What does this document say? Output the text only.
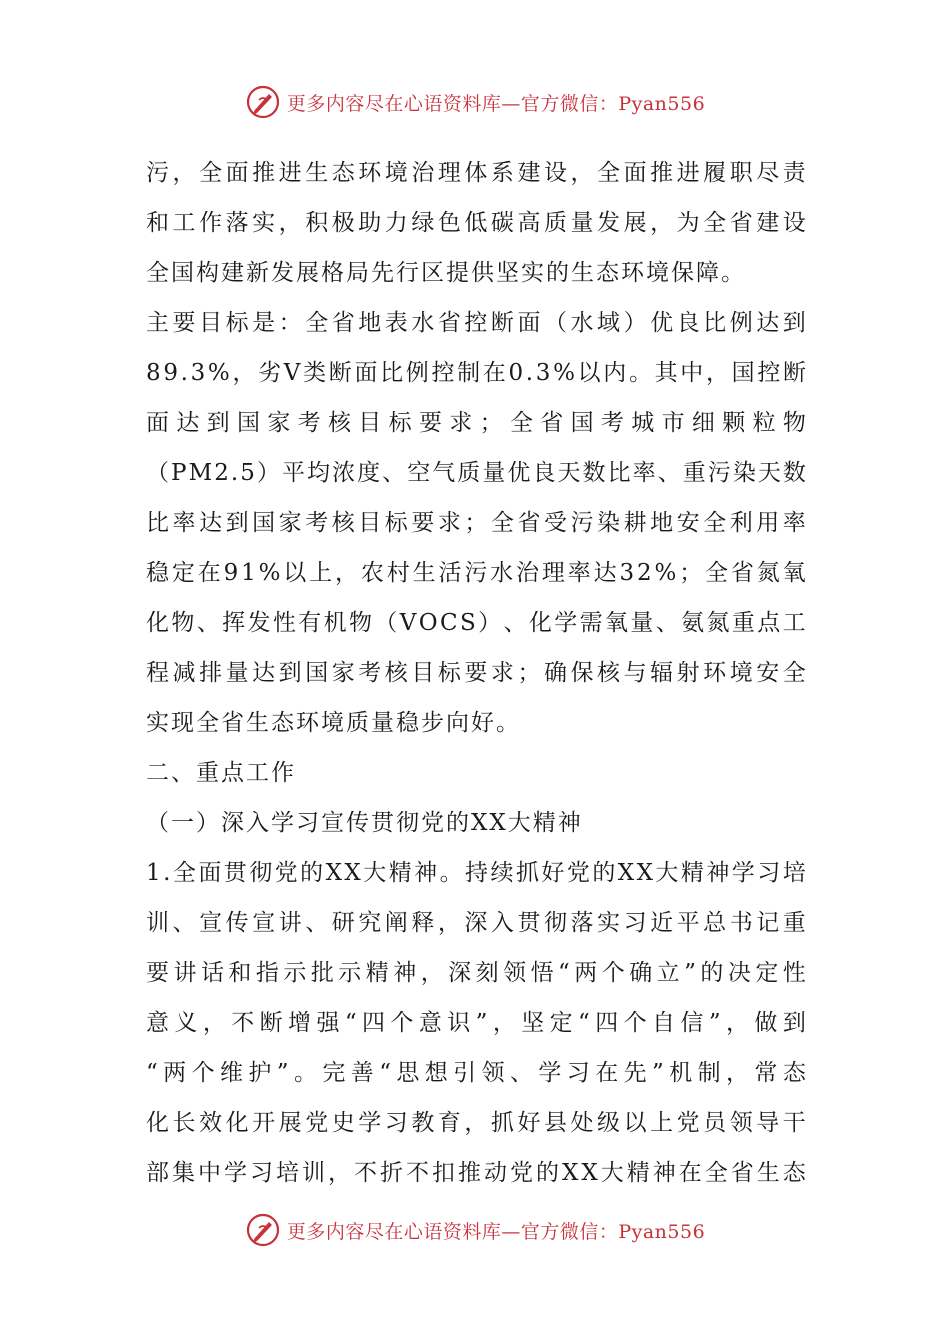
更多内容尽在心语资料库—官方微信：Pyan556
污 ， 全 面 推 进 生 态 环 境 治 理 体 系 建 设 ， 全 面 推 进 履 职 尽 责
和 工 作 落 实 ， 积 极 助 力 绿 色 低 碳 高 质 量 发 展 ， 为 全 省 建 设
全国构建新发展格局先行区提供坚实的生态环境保障。
主 要 目 标 是 ： 全 省 地 表 水 省 控 断 面 （ 水 域 ） 优 良 比 例 达 到
8 9 . 3 % ， 劣 Ⅴ 类 断 面 比 例 控 制 在 0 . 3 % 以 内 。 其 中 ， 国 控 断
面 达 到 国 家 考 核 目 标 要 求 ； 全 省 国 考 城 市 细 颗 粒 物
（ P M 2 . 5 ） 平 均 浓 度 、 空 气 质 量 优 良 天 数 比 率 、 重 污 染 天 数
比 率 达 到 国 家 考 核 目 标 要 求 ； 全 省 受 污 染 耕 地 安 全 利 用 率
稳 定 在 9 1 % 以 上 ， 农 村 生 活 污 水 治 理 率 达 3 2 % ； 全 省 氮 氧
化 物 、 挥 发 性 有 机 物 （ V O C S ） 、 化 学 需 氧 量 、 氨 氮 重 点 工
程 减 排 量 达 到 国 家 考 核 目 标 要 求 ； 确 保 核 与 辐 射 环 境 安 全
实现全省生态环境质量稳步向好。
二、重点工作
（一）深入学习宣传贯彻党的XX大精神
1 . 全 面 贯 彻 党 的 X X 大 精 神 。 持 续 抓 好 党 的 X X 大 精 神 学 习 培
训 、 宣 传 宣 讲 、 研 究 阐 释 ， 深 入 贯 彻 落 实 习 近 平 总 书 记 重
要 讲 话 和 指 示 批 示 精 神 ， 深 刻 领 悟 “ 两 个 确 立 ” 的 决 定 性
意 义 ， 不 断 增 强 “ 四 个 意 识 ” ， 坚 定 “ 四 个 自 信 ” ， 做 到
“ 两 个 维 护 ” 。 完 善 “ 思 想 引 领 、 学 习 在 先 ” 机 制 ， 常 态
化 长 效 化 开 展 党 史 学 习 教 育 ， 抓 好 县 处 级 以 上 党 员 领 导 干
部 集 中 学 习 培 训 ， 不 折 不 扣 推 动 党 的 X X 大 精 神 在 全 省 生 态
更多内容尽在心语资料库—官方微信：Pyan556
